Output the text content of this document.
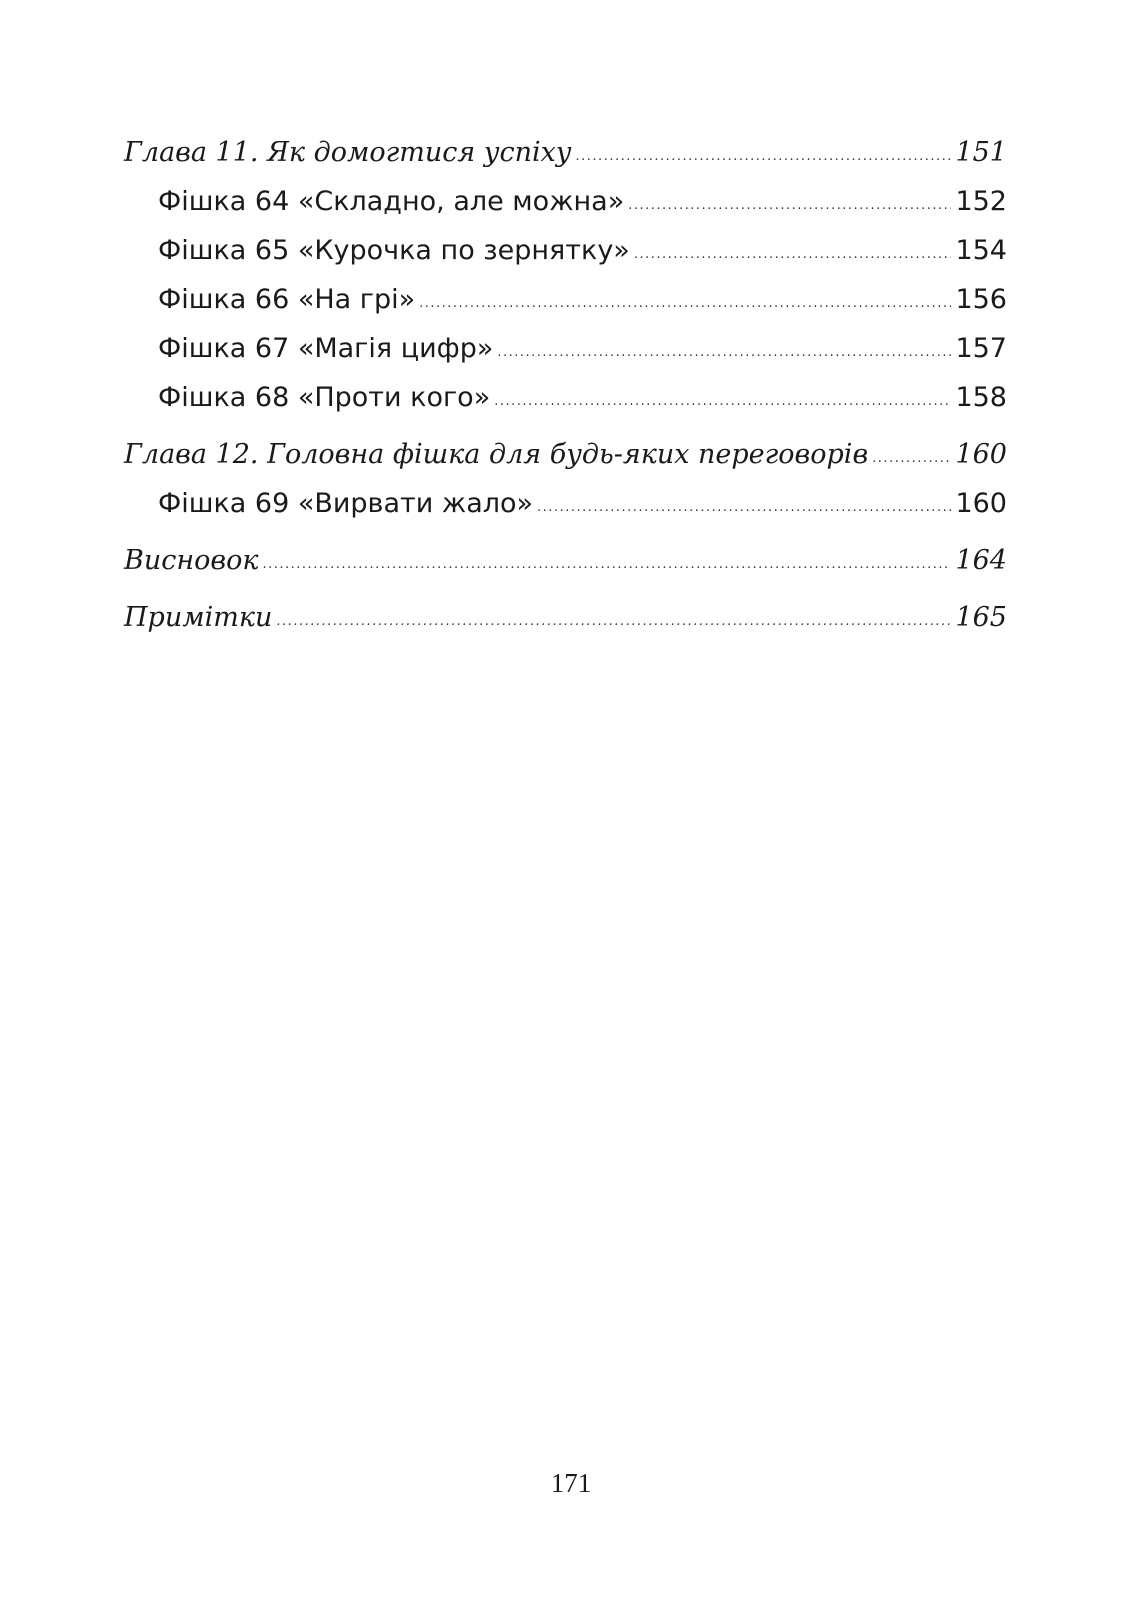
Глава 11. Як домогтися успіху .....	151
Фішка 64 «Складно, але можна» .....	152
Фішка 65 «Курочка по зернятку» .....	154
Фішка 66 «На грі» .....	156
Фішка 67 «Магія цифр» .....	157
Фішка 68 «Проти кого» .....	158
Глава 12. Головна фішка для будь-яких переговорів .....	160
Фішка 69 «Вирвати жало» .....	160
Висновок .....	164
Примітки .....	165
171
